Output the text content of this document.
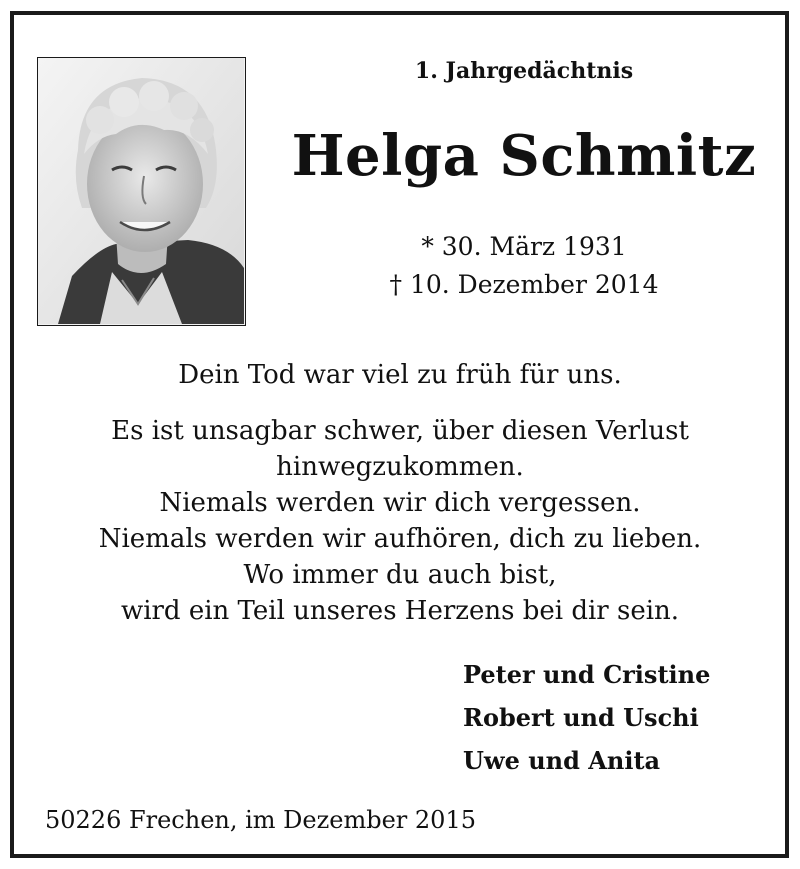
1. Jahrgedächtnis
Helga Schmitz
* 30. März 1931
† 10. Dezember 2014
Dein Tod war viel zu früh für uns.
Es ist unsagbar schwer, über diesen Verlust
hinwegzukommen.
Niemals werden wir dich vergessen.
Niemals werden wir aufhören, dich zu lieben.
Wo immer du auch bist,
wird ein Teil unseres Herzens bei dir sein.
Peter und Cristine
Robert und Uschi
Uwe und Anita
50226 Frechen, im Dezember 2015
